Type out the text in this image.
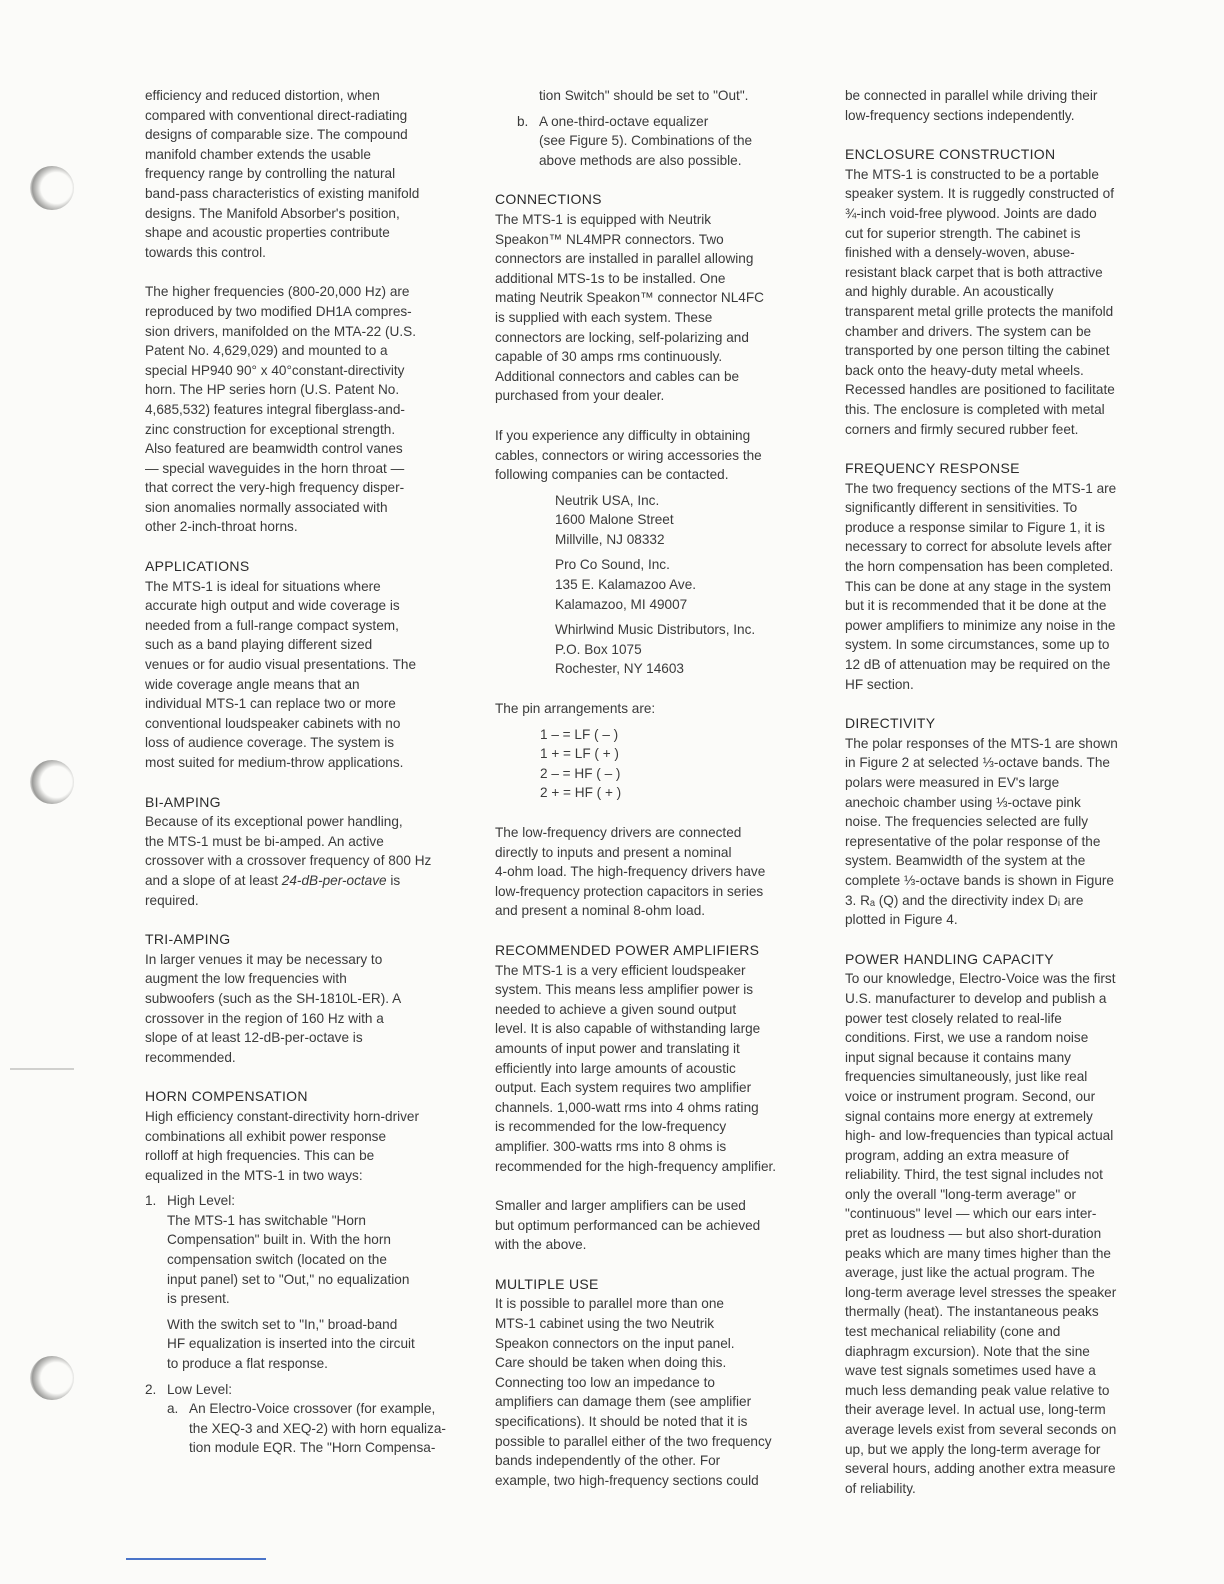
efficiency and reduced distortion, when
compared with conventional direct-radiating
designs of comparable size. The compound
manifold chamber extends the usable
frequency range by controlling the natural
band-pass characteristics of existing manifold
designs. The Manifold Absorber's position,
shape and acoustic properties contribute
towards this control.

The higher frequencies (800-20,000 Hz) are
reproduced by two modified DH1A compres-
sion drivers, manifolded on the MTA-22 (U.S.
Patent No. 4,629,029) and mounted to a
special HP940 90° x 40°constant-directivity
horn. The HP series horn (U.S. Patent No.
4,685,532) features integral fiberglass-and-
zinc construction for exceptional strength.
Also featured are beamwidth control vanes
— special waveguides in the horn throat —
that correct the very-high frequency disper-
sion anomalies normally associated with
other 2-inch-throat horns.

APPLICATIONS

The MTS-1 is ideal for situations where
accurate high output and wide coverage is
needed from a full-range compact system,
such as a band playing different sized
venues or for audio visual presentations. The
wide coverage angle means that an
individual MTS-1 can replace two or more
conventional loudspeaker cabinets with no
loss of audience coverage. The system is
most suited for medium-throw applications.

BI-AMPING

Because of its exceptional power handling,
the MTS-1 must be bi-amped. An active
crossover with a crossover frequency of 800 Hz
and a slope of at least 24-dB-per-octave is
required.

TRI-AMPING

In larger venues it may be necessary to
augment the low frequencies with
subwoofers (such as the SH-1810L-ER). A
crossover in the region of 160 Hz with a
slope of at least 12-dB-per-octave is
recommended.

HORN COMPENSATION

High efficiency constant-directivity horn-driver
combinations all exhibit power response
rolloff at high frequencies. This can be
equalized in the MTS-1 in two ways:

1. High Level:

The MTS-1 has switchable "Horn
Compensation" built in. With the horn
compensation switch (located on the
input panel) set to "Out," no equalization
is present.

With the switch set to "In," broad-band
HF equalization is inserted into the circuit
to produce a flat response.

2. Low Level:

a. An Electro-Voice crossover (for example,
the XEQ-3 and XEQ-2) with horn equaliza-
tion module EQR. The "Horn Compensa-

tion Switch" should be set to "Out".

b. A one-third-octave equalizer
(see Figure 5). Combinations of the
above methods are also possible.

CONNECTIONS

The MTS-1 is equipped with Neutrik
Speakon™ NL4MPR connectors. Two
connectors are installed in parallel allowing
additional MTS-1s to be installed. One
mating Neutrik Speakon™ connector NL4FC
is supplied with each system. These
connectors are locking, self-polarizing and
capable of 30 amps rms continuously.
Additional connectors and cables can be
purchased from your dealer.

If you experience any difficulty in obtaining
cables, connectors or wiring accessories the
following companies can be contacted.

Neutrik USA, Inc.
1600 Malone Street
Millville, NJ 08332

Pro Co Sound, Inc.
135 E. Kalamazoo Ave.
Kalamazoo, MI 49007

Whirlwind Music Distributors, Inc.
P.O. Box 1075
Rochester, NY 14603

The pin arrangements are:

1 – = LF ( – )
1 + = LF ( + )
2 – = HF ( – )
2 + = HF ( + )

The low-frequency drivers are connected
directly to inputs and present a nominal
4-ohm load. The high-frequency drivers have
low-frequency protection capacitors in series
and present a nominal 8-ohm load.

RECOMMENDED POWER AMPLIFIERS

The MTS-1 is a very efficient loudspeaker
system. This means less amplifier power is
needed to achieve a given sound output
level. It is also capable of withstanding large
amounts of input power and translating it
efficiently into large amounts of acoustic
output. Each system requires two amplifier
channels. 1,000-watt rms into 4 ohms rating
is recommended for the low-frequency
amplifier. 300-watts rms into 8 ohms is
recommended for the high-frequency amplifier.

Smaller and larger amplifiers can be used
but optimum performanced can be achieved
with the above.

MULTIPLE USE

It is possible to parallel more than one
MTS-1 cabinet using the two Neutrik
Speakon connectors on the input panel.
Care should be taken when doing this.
Connecting too low an impedance to
amplifiers can damage them (see amplifier
specifications). It should be noted that it is
possible to parallel either of the two frequency
bands independently of the other. For
example, two high-frequency sections could

be connected in parallel while driving their
low-frequency sections independently.

ENCLOSURE CONSTRUCTION

The MTS-1 is constructed to be a portable
speaker system. It is ruggedly constructed of
¾-inch void-free plywood. Joints are dado
cut for superior strength. The cabinet is
finished with a densely-woven, abuse-
resistant black carpet that is both attractive
and highly durable. An acoustically
transparent metal grille protects the manifold
chamber and drivers. The system can be
transported by one person tilting the cabinet
back onto the heavy-duty metal wheels.
Recessed handles are positioned to facilitate
this. The enclosure is completed with metal
corners and firmly secured rubber feet.

FREQUENCY RESPONSE

The two frequency sections of the MTS-1 are
significantly different in sensitivities. To
produce a response similar to Figure 1, it is
necessary to correct for absolute levels after
the horn compensation has been completed.
This can be done at any stage in the system
but it is recommended that it be done at the
power amplifiers to minimize any noise in the
system. In some circumstances, some up to
12 dB of attenuation may be required on the
HF section.

DIRECTIVITY

The polar responses of the MTS-1 are shown
in Figure 2 at selected ⅓-octave bands. The
polars were measured in EV's large
anechoic chamber using ⅓-octave pink
noise. The frequencies selected are fully
representative of the polar response of the
system. Beamwidth of the system at the
complete ⅓-octave bands is shown in Figure
3. Rₐ (Q) and the directivity index Dᵢ are
plotted in Figure 4.

POWER HANDLING CAPACITY

To our knowledge, Electro-Voice was the first
U.S. manufacturer to develop and publish a
power test closely related to real-life
conditions. First, we use a random noise
input signal because it contains many
frequencies simultaneously, just like real
voice or instrument program. Second, our
signal contains more energy at extremely
high- and low-frequencies than typical actual
program, adding an extra measure of
reliability. Third, the test signal includes not
only the overall "long-term average" or
"continuous" level — which our ears inter-
pret as loudness — but also short-duration
peaks which are many times higher than the
average, just like the actual program. The
long-term average level stresses the speaker
thermally (heat). The instantaneous peaks
test mechanical reliability (cone and
diaphragm excursion). Note that the sine
wave test signals sometimes used have a
much less demanding peak value relative to
their average level. In actual use, long-term
average levels exist from several seconds on
up, but we apply the long-term average for
several hours, adding another extra measure
of reliability.
